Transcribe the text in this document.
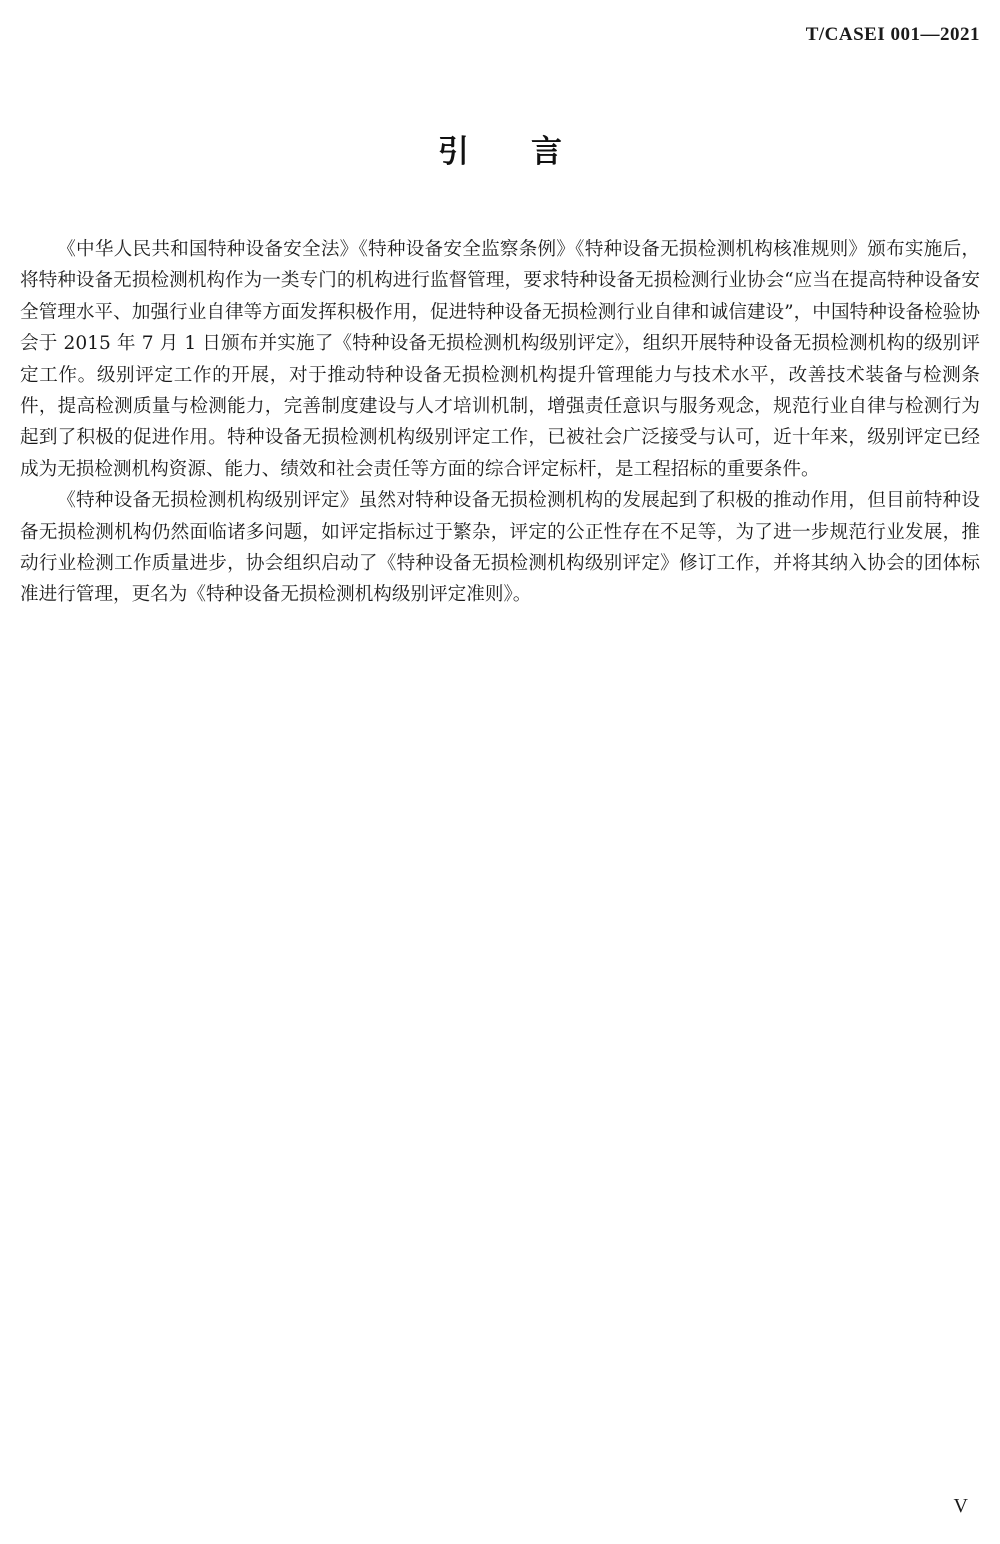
T/CASEI 001—2021
引言

《中华人民共和国特种设备安全法》《特种设备安全监察条例》《特种设备无损检测机构核准规则》颁布实施后，将特种设备无损检测机构作为一类专门的机构进行监督管理，要求特种设备无损检测行业协会“应当在提高特种设备安全管理水平、加强行业自律等方面发挥积极作用，促进特种设备无损检测行业自律和诚信建设”，中国特种设备检验协会于 2015 年 7 月 1 日颁布并实施了《特种设备无损检测机构级别评定》，组织开展特种设备无损检测机构的级别评定工作。级别评定工作的开展，对于推动特种设备无损检测机构提升管理能力与技术水平，改善技术装备与检测条件，提高检测质量与检测能力，完善制度建设与人才培训机制，增强责任意识与服务观念，规范行业自律与检测行为起到了积极的促进作用。特种设备无损检测机构级别评定工作，已被社会广泛接受与认可，近十年来，级别评定已经成为无损检测机构资源、能力、绩效和社会责任等方面的综合评定标杆，是工程招标的重要条件。

《特种设备无损检测机构级别评定》虽然对特种设备无损检测机构的发展起到了积极的推动作用，但目前特种设备无损检测机构仍然面临诸多问题，如评定指标过于繁杂，评定的公正性存在不足等，为了进一步规范行业发展，推动行业检测工作质量进步，协会组织启动了《特种设备无损检测机构级别评定》修订工作，并将其纳入协会的团体标准进行管理，更名为《特种设备无损检测机构级别评定准则》。

V
